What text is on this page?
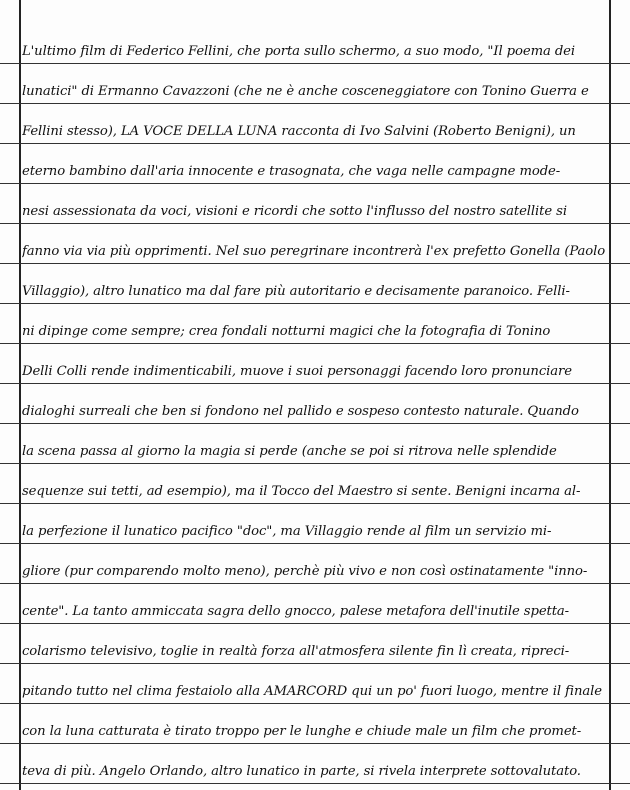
L'ultimo film di Federico Fellini, che porta sullo schermo, a suo modo, "Il poema dei
lunatici" di Ermanno Cavazzoni (che ne è anche cosceneggiatore con Tonino Guerra e
Fellini stesso), LA VOCE DELLA LUNA racconta di Ivo Salvini (Roberto Benigni), un
eterno bambino dall'aria innocente e trasognata, che vaga nelle campagne mode-
nesi assessionata da voci, visioni e ricordi che sotto l'influsso del nostro satellite si
fanno via via più opprimenti. Nel suo peregrinare incontrerà l'ex prefetto Gonella (Paolo
Villaggio), altro lunatico ma dal fare più autoritario e decisamente paranoico. Felli-
ni dipinge come sempre; crea fondali notturni magici che la fotografia di Tonino
Delli Colli rende indimenticabili, muove i suoi personaggi facendo loro pronunciare
dialoghi surreali che ben si fondono nel pallido e sospeso contesto naturale. Quando
la scena passa al giorno la magia si perde (anche se poi si ritrova nelle splendide
sequenze sui tetti, ad esempio), ma il Tocco del Maestro si sente. Benigni incarna al-
la perfezione il lunatico pacifico "doc", ma Villaggio rende al film un servizio mi-
gliore (pur comparendo molto meno), perchè più vivo e non così ostinatamente "inno-
cente". La tanto ammiccata sagra dello gnocco, palese metafora dell'inutile spetta-
colarismo televisivo, toglie in realtà forza all'atmosfera silente fin lì creata, ripreci-
pitando tutto nel clima festaiolo alla AMARCORD qui un po' fuori luogo, mentre il finale
con la luna catturata è tirato troppo per le lunghe e chiude male un film che promet-
teva di più. Angelo Orlando, altro lunatico in parte, si rivela interprete sottovalutato.
